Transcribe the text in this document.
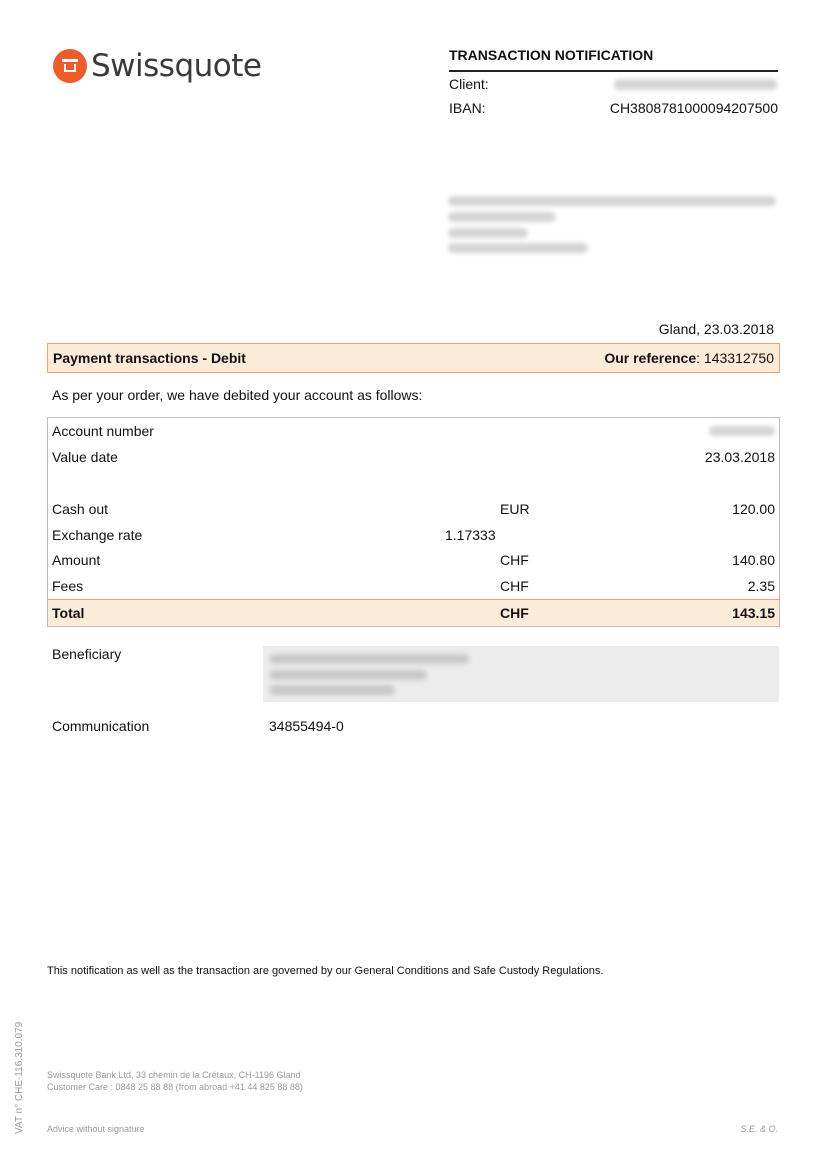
Swissquote	TRANSACTION NOTIFICATION
Client:
IBAN:	CH3808781000094207500
Gland, 23.03.2018
Payment transactions - Debit	Our reference: 143312750
As per your order, we have debited your account as follows:
Account number
Value date	23.03.2018
Cash out	EUR	120.00
Exchange rate	1.17333
Amount	CHF	140.80
Fees	CHF	2.35
Total	CHF	143.15
Beneficiary
Communication	34855494-0
This notification as well as the transaction are governed by our General Conditions and Safe Custody Regulations.
Swissquote Bank Ltd, 33 chemin de la Crétaux, CH-1196 Gland
Customer Care : 0848 25 88 88 (from abroad +41 44 825 88 88)
Advice without signature	S.E. & O.
VAT n° CHE-116.310.079
